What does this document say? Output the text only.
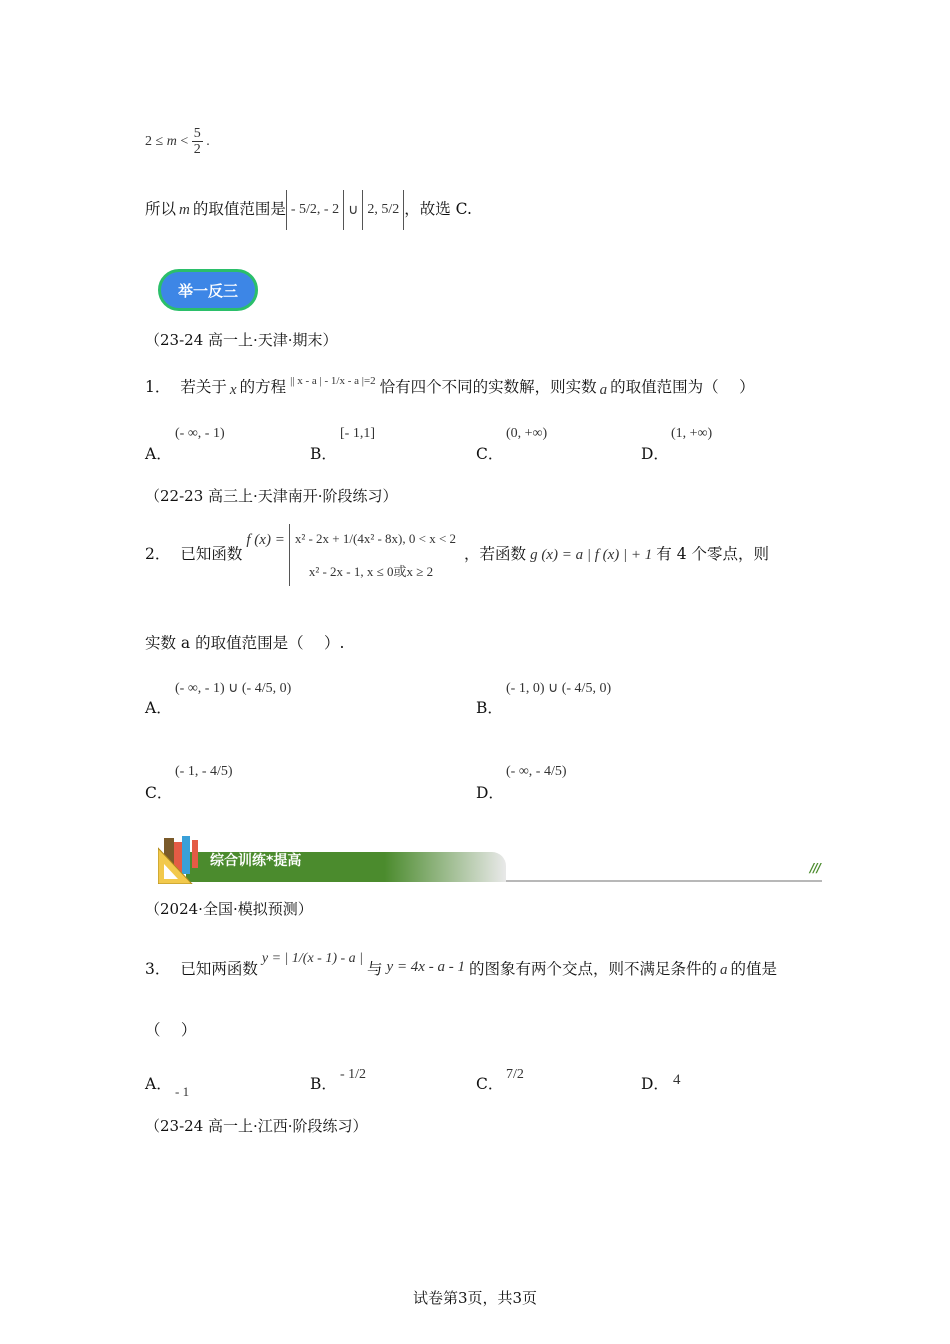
$2 \le m < \frac{5}{2}$ .
所以 m 的取值范围是 - 5/2, - 2 ∪ 2, 5/2 ，故选 C.
举一反三
（23-24 高一上·天津·期末）
1． 若关于 x 的方程 || x - a | - 1/x - a |=2 恰有四个不同的实数解，则实数 a 的取值范围为（　 ）
A．
(- ∞, - 1)
B．
[- 1,1]
C．
(0, +∞)
D．
(1, +∞)
（22-23 高三上·天津南开·阶段练习）
2． 已知函数
f (x) = x² - 2x + 1/(4x² - 8x), 0 < x < 2
x² - 2x - 1, x ≤ 0或x ≥ 2
，若函数 g (x) = a | f (x) | + 1 有 4 个零点，则
实数 a 的取值范围是（　 ）.
A．
(- ∞, - 1) ∪ (- 4/5, 0)
B．
(- 1, 0) ∪ (- 4/5, 0)
C．
(- 1, - 4/5)
D．
(- ∞, - 4/5)
综合训练*提高	///
（2024·全国·模拟预测）
3． 已知两函数
y = | 1/(x - 1) - a |
与 y = 4x - a - 1 的图象有两个交点，则不满足条件的 a 的值是
（　 ）
A． - 1	B．
- 1/2
C．
7/2
D． 4
（23-24 高一上·江西·阶段练习）
试卷第3页，共3页
